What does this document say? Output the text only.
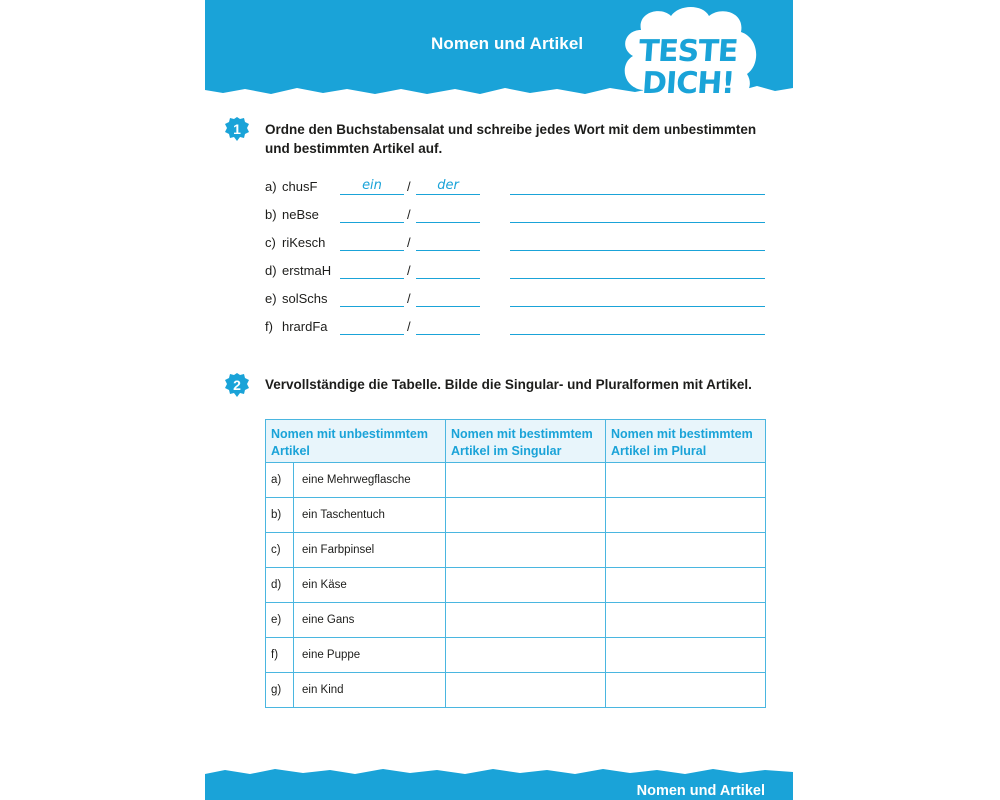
Nomen und Artikel	TESTE
DICH!
1	Ordne den Buchstabensalat und schreibe jedes Wort mit dem unbestimmten
und bestimmten Artikel auf.
a) chusF	ein	/	der
b) neBse	/
c) riKesch	/
d) erstmaH	/
e) solSchs	/
f) hrardFa	/
2	Vervollständige die Tabelle. Bilde die Singular- und Pluralformen mit Artikel.
Nomen mit unbestimmtem Artikel		Nomen mit bestimmtem Artikel im Singular	Nomen mit bestimmtem Artikel im Plural
a)	eine Mehrwegflasche		
b)	ein Taschentuch		
c)	ein Farbpinsel		
d)	ein Käse		
e)	eine Gans		
f)	eine Puppe		
g)	ein Kind		
Nomen und Artikel
